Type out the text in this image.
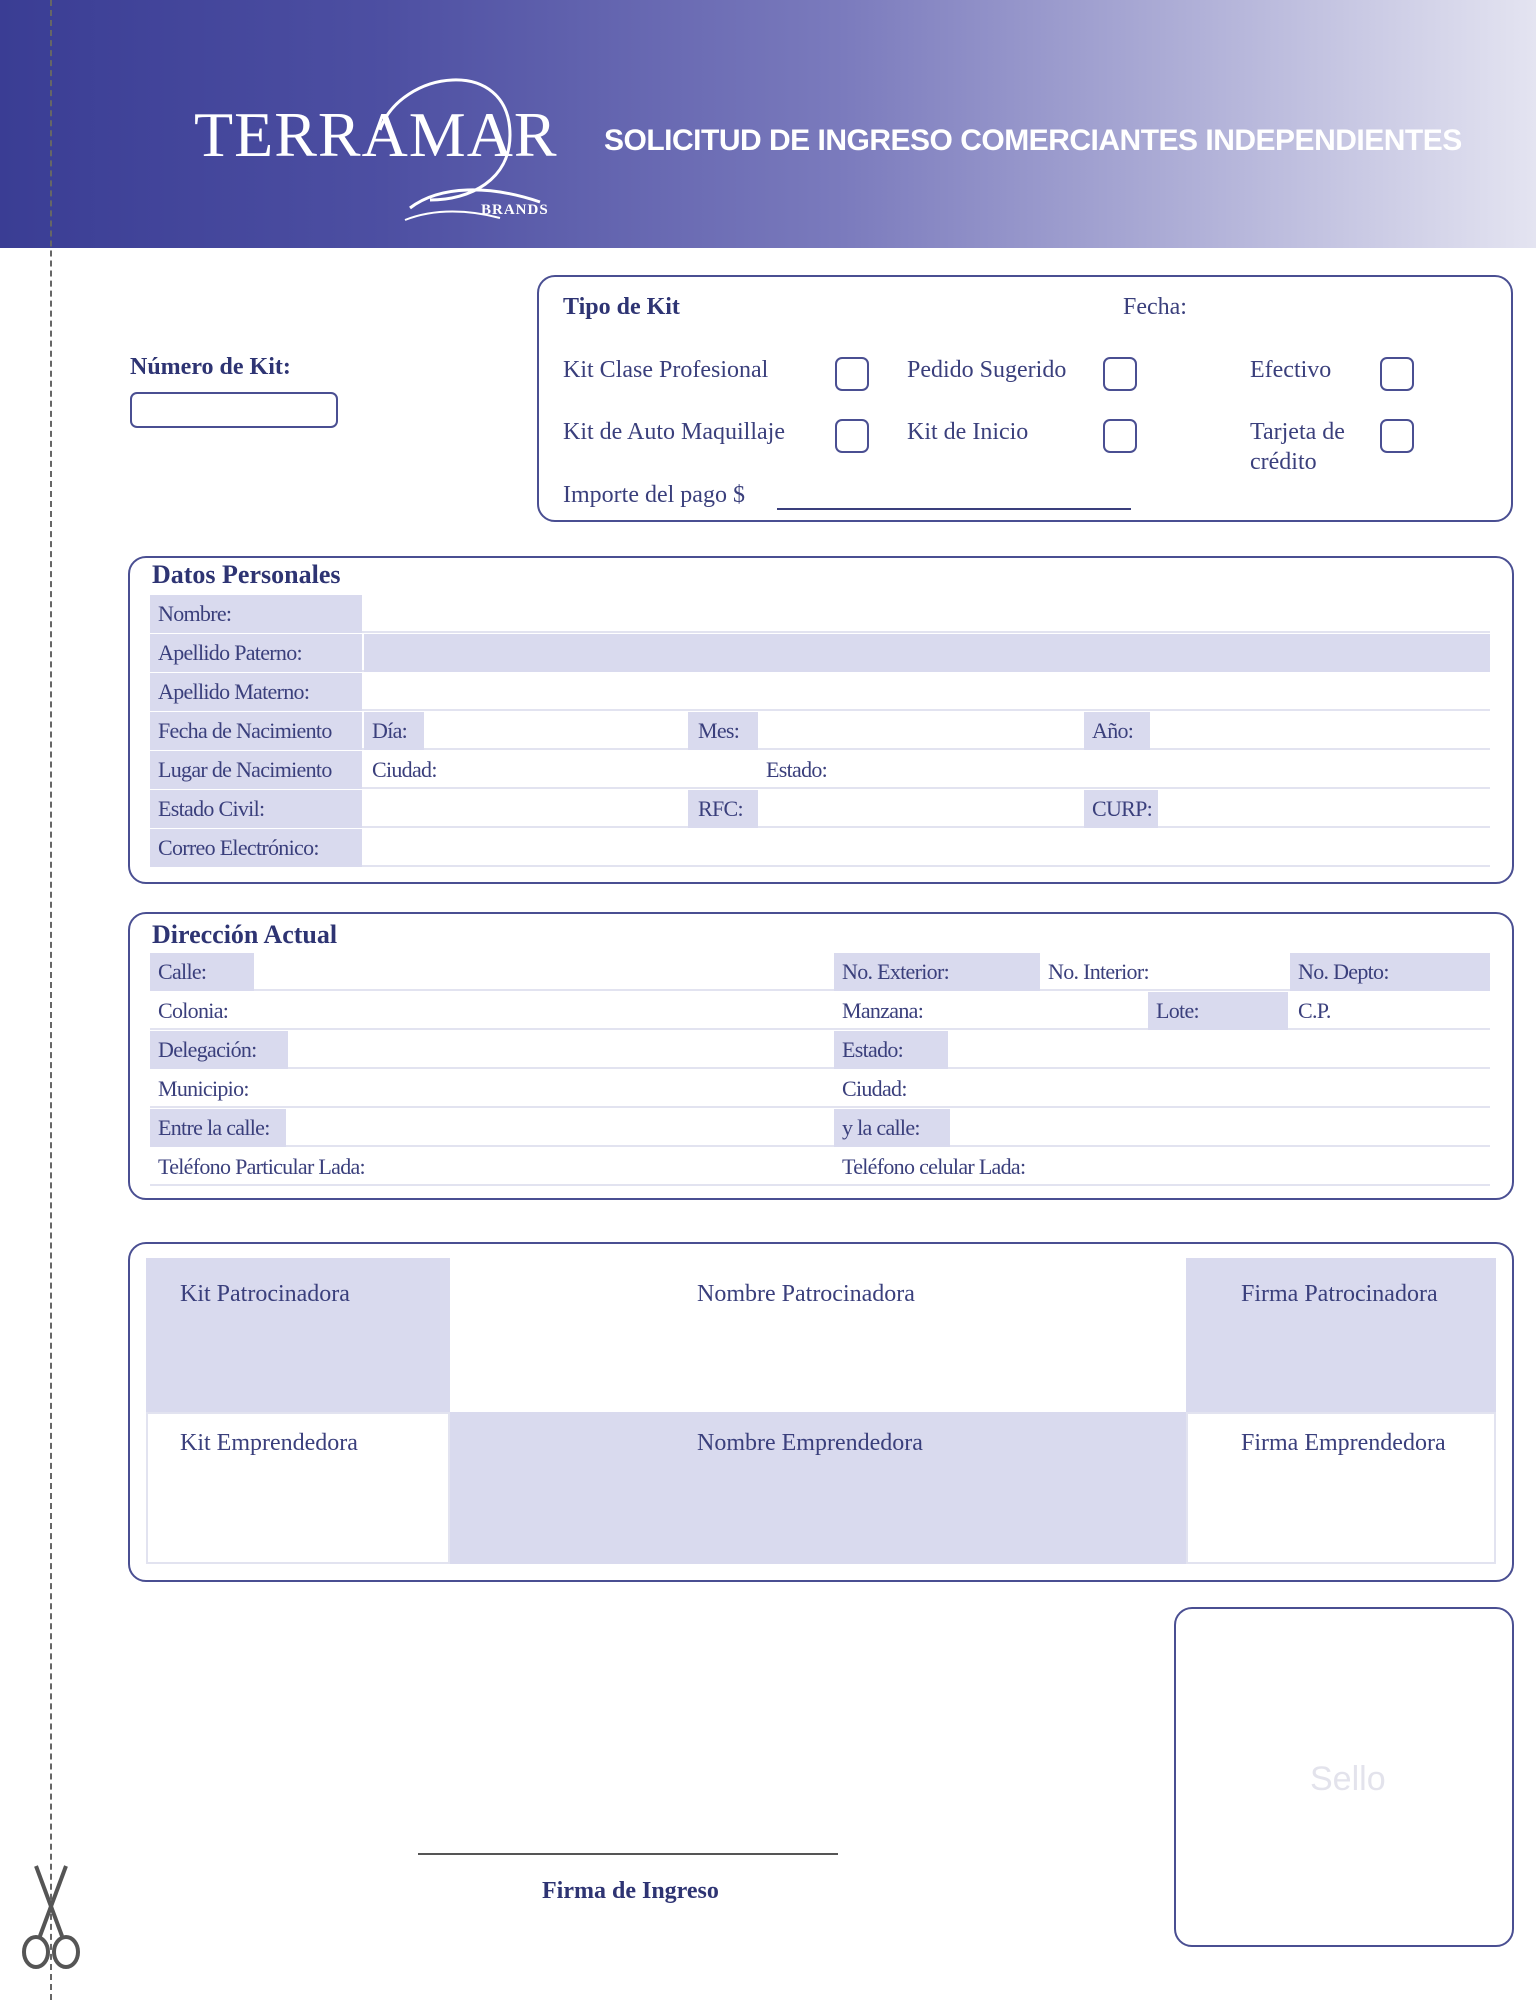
TERRAMAR
BRANDS
SOLICITUD DE INGRESO COMERCIANTES INDEPENDIENTES
Número de Kit:
Tipo de Kit	Fecha:
Kit Clase Profesional	Pedido Sugerido	Efectivo
Kit de Auto Maquillaje	Kit de Inicio	Tarjeta de
crédito
Importe del pago $
Datos Personales
Nombre:
Apellido Paterno:
Apellido Materno:
Fecha de Nacimiento	Día:	Mes:	Año:
Lugar de Nacimiento	Ciudad:	Estado:
Estado Civil:	RFC:	CURP:
Correo Electrónico:
Dirección Actual
Calle:	No. Exterior:	No. Interior:	No. Depto:
Colonia:	Manzana:	Lote:	C.P.
Delegación:	Estado:
Municipio:	Ciudad:
Entre la calle:	y la calle:
Teléfono Particular Lada:	Teléfono celular Lada:
Kit Patrocinadora	Nombre Patrocinadora	Firma Patrocinadora
Kit Emprendedora	Nombre Emprendedora	Firma Emprendedora
Firma de Ingreso
Sello
